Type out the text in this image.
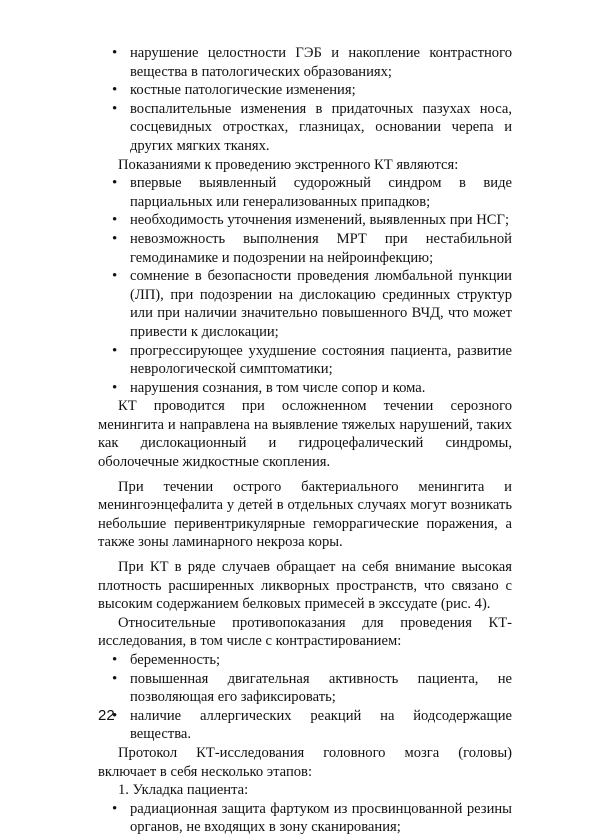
• нарушение целостности ГЭБ и накопление контрастного вещества в патологических образованиях;
• костные патологические изменения;
• воспалительные изменения в придаточных пазухах носа, сосцевидных отростках, глазницах, основании черепа и других мягких тканях.

Показаниями к проведению экстренного КТ являются:

• впервые выявленный судорожный синдром в виде парциальных или генерализованных припадков;
• необходимость уточнения изменений, выявленных при НСГ;
• невозможность выполнения МРТ при нестабильной гемодинамике и подозрении на нейроинфекцию;
• сомнение в безопасности проведения люмбальной пункции (ЛП), при подозрении на дислокацию срединных структур или при наличии значительно повышенного ВЧД, что может привести к дислокации;
• прогрессирующее ухудшение состояния пациента, развитие неврологической симптоматики;
• нарушения сознания, в том числе сопор и кома.

КТ проводится при осложненном течении серозного менингита и направлена на выявление тяжелых нарушений, таких как дислокационный и гидроцефалический синдромы, оболочечные жидкостные скопления.

При течении острого бактериального менингита и менингоэнцефалита у детей в отдельных случаях могут возникать небольшие перивентрикулярные геморрагические поражения, а также зоны ламинарного некроза коры.

При КТ в ряде случаев обращает на себя внимание высокая плотность расширенных ликворных пространств, что связано с высоким содержанием белковых примесей в экссудате (рис. 4).

Относительные противопоказания для проведения КТ-исследования, в том числе с контрастированием:

• беременность;
• повышенная двигательная активность пациента, не позволяющая его зафиксировать;
• наличие аллергических реакций на йодсодержащие вещества.

Протокол КТ-исследования головного мозга (головы) включает в себя несколько этапов:

1. Укладка пациента:

• радиационная защита фартуком из просвинцованной резины органов, не входящих в зону сканирования;
22
